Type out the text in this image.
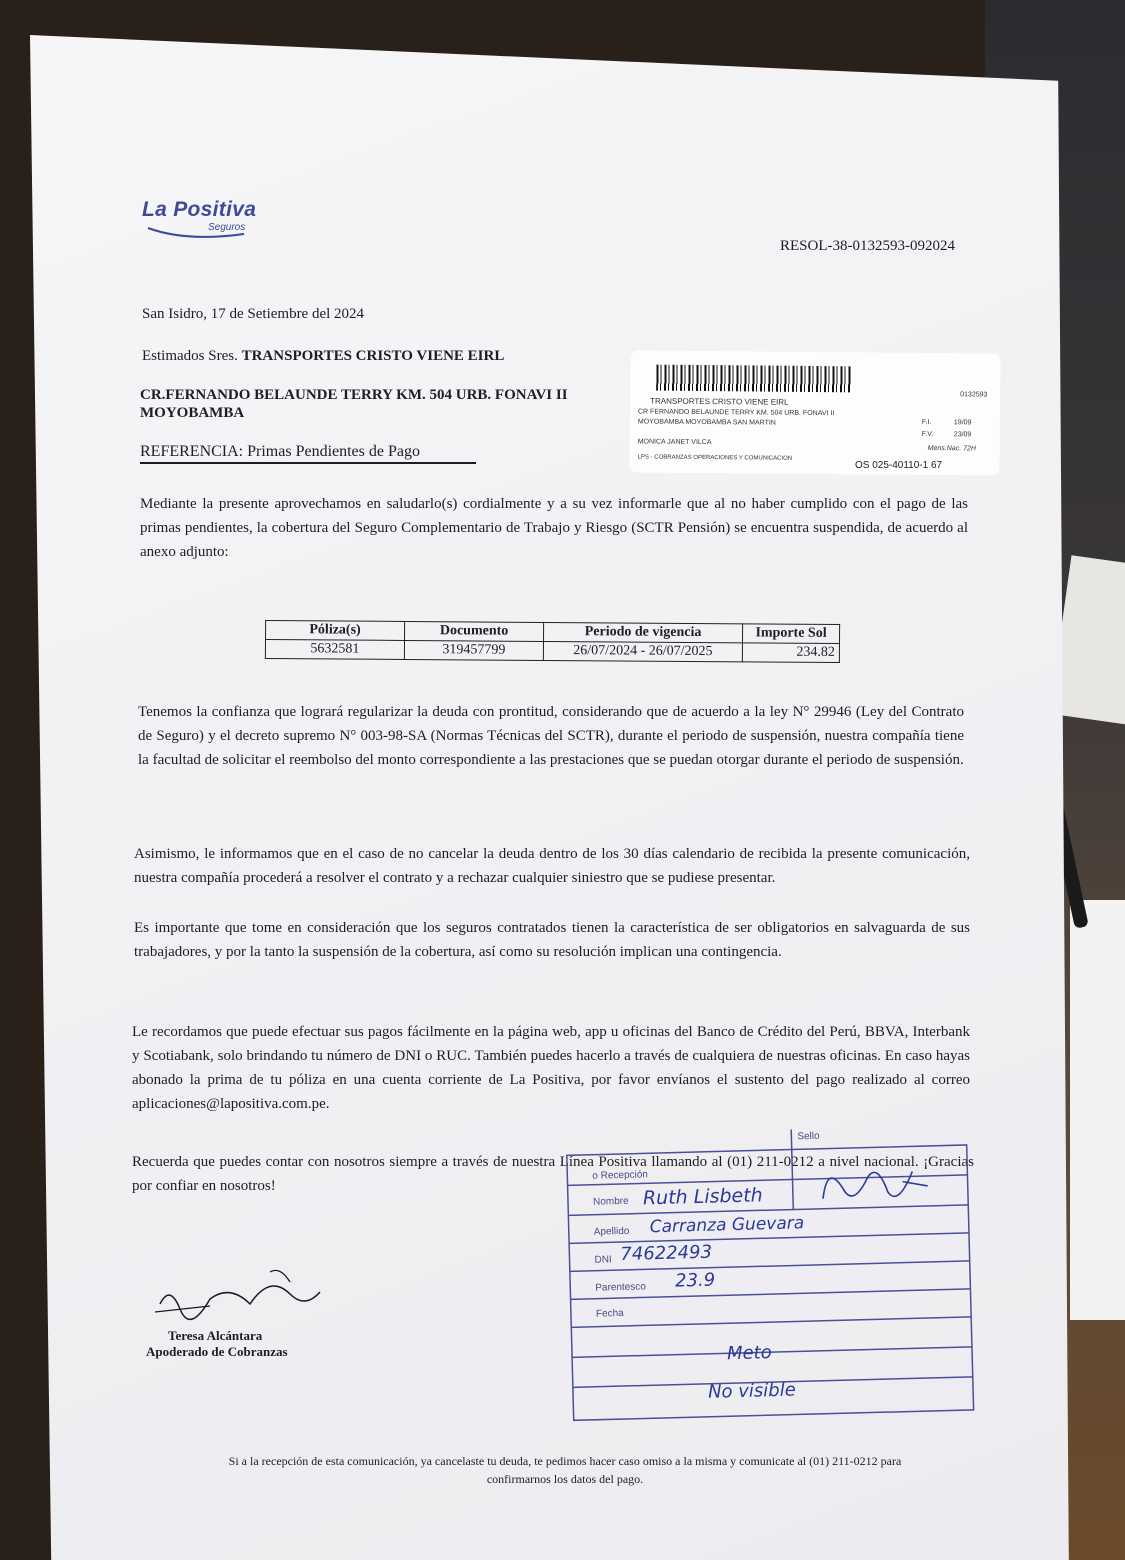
La Positiva
Seguros
RESOL-38-0132593-092024
San Isidro, 17 de Setiembre del 2024
Estimados Sres. TRANSPORTES CRISTO VIENE EIRL
CR.FERNANDO BELAUNDE TERRY KM. 504 URB. FONAVI II
MOYOBAMBA
REFERENCIA: Primas Pendientes de Pago
0132593
TRANSPORTES CRISTO VIENE EIRL
CR FERNANDO BELAUNDE TERRY KM. 504 URB. FONAVI II
MOYOBAMBA MOYOBAMBA SAN MARTIN
MONICA JANET VILCA
LPS - COBRANZAS OPERACIONES Y COMUNICACION
F.I.	19/09
F.V.	23/09
Mens.Nac. 72H
OS 025-40110-1 67
Mediante la presente aprovechamos en saludarlo(s) cordialmente y a su vez informarle que al no haber cumplido con el pago de las primas pendientes, la cobertura del Seguro Complementario de Trabajo y Riesgo (SCTR Pensión) se encuentra suspendida, de acuerdo al anexo adjunto:
Póliza(s)	Documento	Periodo de vigencia	Importe Sol
5632581	319457799	26/07/2024 - 26/07/2025	234.82
Tenemos la confianza que logrará regularizar la deuda con prontitud, considerando que de acuerdo a la ley N° 29946 (Ley del Contrato de Seguro) y el decreto supremo N° 003-98-SA (Normas Técnicas del SCTR), durante el periodo de suspensión, nuestra compañía tiene la facultad de solicitar el reembolso del monto correspondiente a las prestaciones que se puedan otorgar durante el periodo de suspensión.
Asimismo, le informamos que en el caso de no cancelar la deuda dentro de los 30 días calendario de recibida la presente comunicación, nuestra compañía procederá a resolver el contrato y a rechazar cualquier siniestro que se pudiese presentar.
Es importante que tome en consideración que los seguros contratados tienen la característica de ser obligatorios en salvaguarda de sus trabajadores, y por la tanto la suspensión de la cobertura, así como su resolución implican una contingencia.
Le recordamos que puede efectuar sus pagos fácilmente en la página web, app u oficinas del Banco de Crédito del Perú, BBVA, Interbank y Scotiabank, solo brindando tu número de DNI o RUC. También puedes hacerlo a través de cualquiera de nuestras oficinas. En caso hayas abonado la prima de tu póliza en una cuenta corriente de La Positiva, por favor envíanos el sustento del pago realizado al correo aplicaciones@lapositiva.com.pe.
Recuerda que puedes contar con nosotros siempre a través de nuestra Línea Positiva llamando al (01) 211-0212 a nivel nacional. ¡Gracias por confiar en nosotros!
Teresa Alcántara
Apoderado de Cobranzas
Sello
o Recepción
Nombre Ruth Lisbeth
Apellido Carranza Guevara
DNI 74622493
Parentesco 23.9
Fecha
Meto
No visible
Si a la recepción de esta comunicación, ya cancelaste tu deuda, te pedimos hacer caso omiso a la misma y comunicate al (01) 211-0212 para confirmarnos los datos del pago.
